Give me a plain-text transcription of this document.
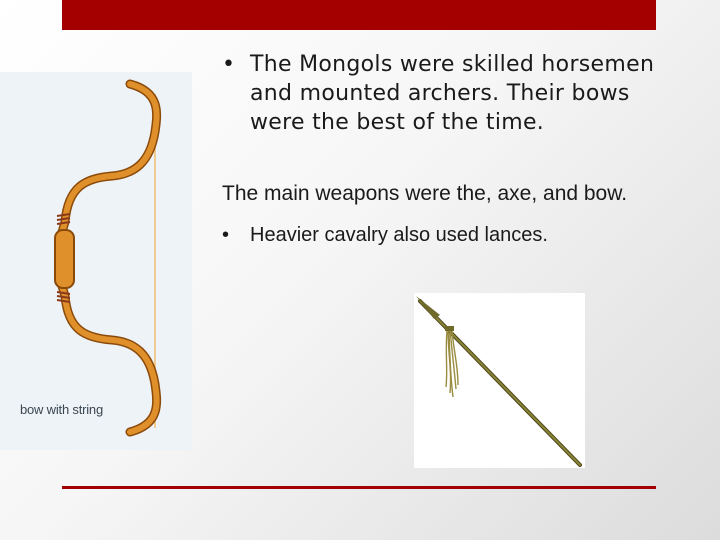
bow with string
• The Mongols were skilled horsemen and mounted archers. Their bows were the best of the time.
The main weapons were the, axe, and bow.
•	Heavier cavalry also used lances.
